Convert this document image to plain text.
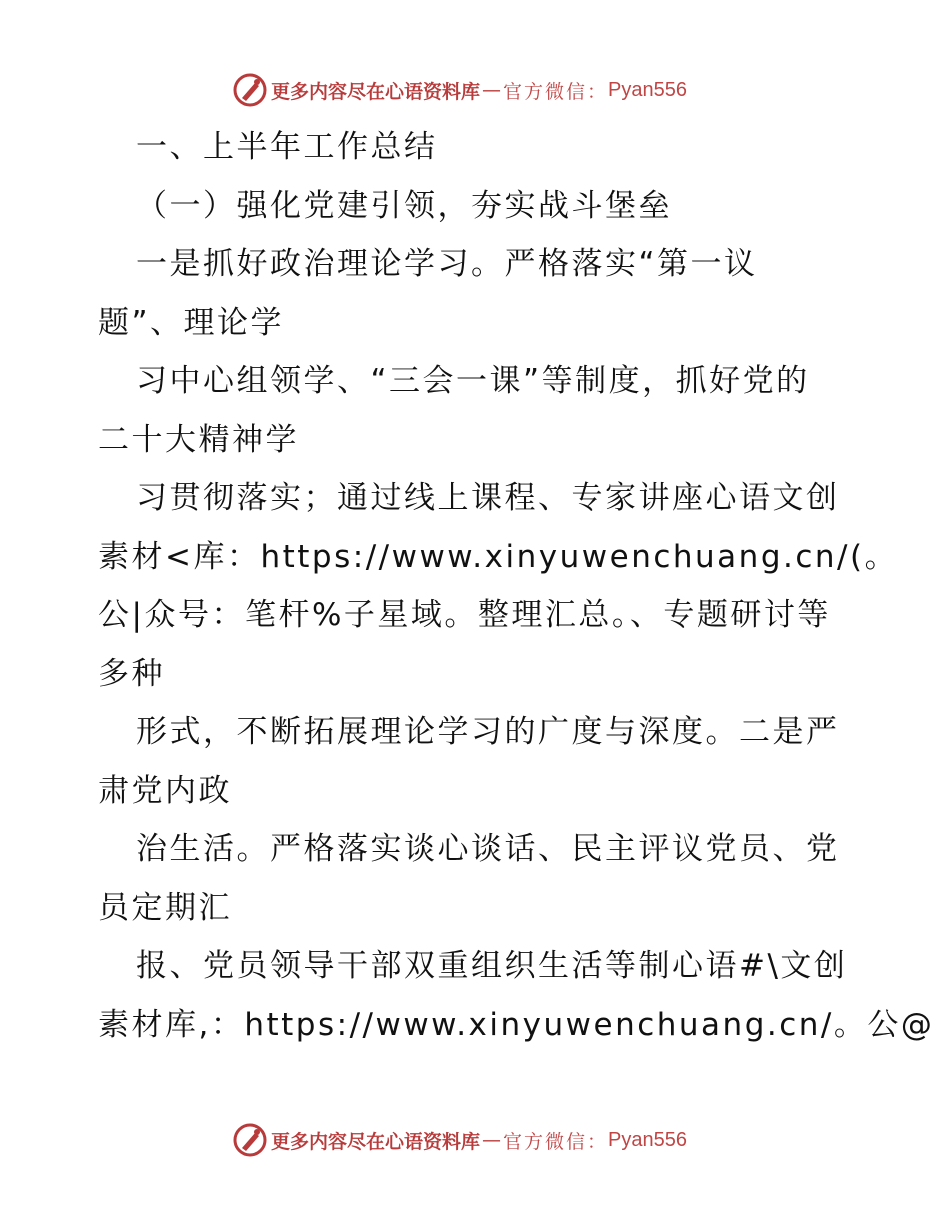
更多内容尽在心语资料库 — 官方微信： Pyan556
一、上半年工作总结
（一）强化党建引领，夯实战斗堡垒
一是抓好政治理论学习。严格落实“第一议
题”、理论学
习中心组领学、“三会一课”等制度，抓好党的
二十大精神学
习贯彻落实；通过线上课程、专家讲座心语文创
素材<库：https://www.xinyuwenchuang.cn/(。
公|众号：笔杆%子星域。整理汇总。、专题研讨等
多种
形式，不断拓展理论学习的广度与深度。二是严
肃党内政
治生活。严格落实谈心谈话、民主评议党员、党
员定期汇
报、党员领导干部双重组织生活等制心语#\文创
素材库,：https://www.xinyuwenchuang.cn/。公@
更多内容尽在心语资料库 — 官方微信： Pyan556
